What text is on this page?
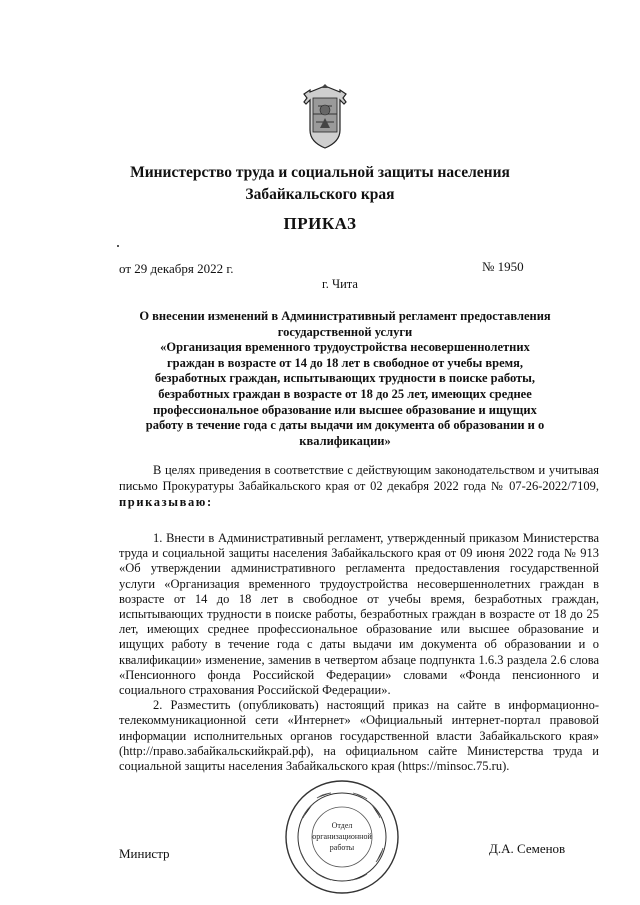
Министерство труда и социальной защиты населения
Забайкальского края
ПРИКАЗ
от 29 декабря 2022 г.	№ 1950
г. Чита
О внесении изменений в Административный регламент предоставления
государственной услуги
«Организация временного трудоустройства несовершеннолетних
граждан в возрасте от 14 до 18 лет в свободное от учебы время,
безработных граждан, испытывающих трудности в поиске работы,
безработных граждан в возрасте от 18 до 25 лет, имеющих среднее
профессиональное образование или высшее образование и ищущих
работу в течение года с даты выдачи им документа об образовании и о
квалификации»
В целях приведения в соответствие с действующим законодательством и учитывая письмо Прокуратуры Забайкальского края от 02 декабря 2022 года № 07-26-2022/7109, приказываю:

1. Внести в Административный регламент, утвержденный приказом Министерства труда и социальной защиты населения Забайкальского края от 09 июня 2022 года № 913 «Об утверждении административного регламента предоставления государственной услуги «Организация временного трудоустройства несовершеннолетних граждан в возрасте от 14 до 18 лет в свободное от учебы время, безработных граждан, испытывающих трудности в поиске работы, безработных граждан в возрасте от 18 до 25 лет, имеющих среднее профессиональное образование или высшее образование и ищущих работу в течение года с даты выдачи им документа об образовании и о квалификации» изменение, заменив в четвертом абзаце подпункта 1.6.3 раздела 2.6 слова «Пенсионного фонда Российской Федерации» словами «Фонда пенсионного и социального страхования Российской Федерации».

2. Разместить (опубликовать) настоящий приказ на сайте в информационно-телекоммуникационной сети «Интернет» «Официальный интернет-портал правовой информации исполнительных органов государственной власти Забайкальского края» (http://право.забайкальскийкрай.рф), на официальном сайте Министерства труда и социальной защиты населения Забайкальского края (https://minsoc.75.ru).

Отдел
организационной
работы
Министр	Д.А. Семенов
